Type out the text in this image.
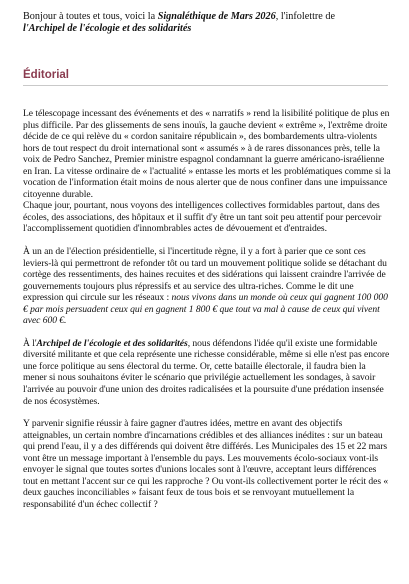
Bonjour à toutes et tous, voici la Signaléthique de Mars 2026, l'infolettre de
l'Archipel de l'écologie et des solidarités
Éditorial

Le télescopage incessant des événements et des « narratifs » rend la lisibilité politique de plus en plus difficile. Par des glissements de sens inouïs, la gauche devient « extrême », l'extrême droite décide de ce qui relève du « cordon sanitaire républicain », des bombardements ultra-violents hors de tout respect du droit international sont « assumés » à de rares dissonances près, telle la voix de Pedro Sanchez, Premier ministre espagnol condamnant la guerre américano-israélienne en Iran. La vitesse ordinaire de « l'actualité » entasse les morts et les problématiques comme si la vocation de l'information était moins de nous alerter que de nous confiner dans une impuissance citoyenne durable.

Chaque jour, pourtant, nous voyons des intelligences collectives formidables partout, dans des écoles, des associations, des hôpitaux et il suffit d'y être un tant soit peu attentif pour percevoir l'accomplissement quotidien d'innombrables actes de dévouement et d'entraides.

À un an de l'élection présidentielle, si l'incertitude règne, il y a fort à parier que ce sont ces leviers-là qui permettront de refonder tôt ou tard un mouvement politique solide se détachant du cortège des ressentiments, des haines recuites et des sidérations qui laissent craindre l'arrivée de gouvernements toujours plus répressifs et au service des ultra-riches. Comme le dit une expression qui circule sur les réseaux : nous vivons dans un monde où ceux qui gagnent 100 000 € par mois persuadent ceux qui en gagnent 1 800 € que tout va mal à cause de ceux qui vivent avec 600 €.

À l'Archipel de l'écologie et des solidarités, nous défendons l'idée qu'il existe une formidable diversité militante et que cela représente une richesse considérable, même si elle n'est pas encore une force politique au sens électoral du terme. Or, cette bataille électorale, il faudra bien la mener si nous souhaitons éviter le scénario que privilégie actuellement les sondages, à savoir l'arrivée au pouvoir d'une union des droites radicalisées et la poursuite d'une prédation insensée de nos écosystèmes.

Y parvenir signifie réussir à faire gagner d'autres idées, mettre en avant des objectifs atteignables, un certain nombre d'incarnations crédibles et des alliances inédites : sur un bateau qui prend l'eau, il y a des différends qui doivent être différés. Les Municipales des 15 et 22 mars vont être un message important à l'ensemble du pays. Les mouvements écolo-sociaux vont-ils envoyer le signal que toutes sortes d'unions locales sont à l'œuvre, acceptant leurs différences tout en mettant l'accent sur ce qui les rapproche ? Ou vont-ils collectivement porter le récit des « deux gauches inconciliables » faisant feux de tous bois et se renvoyant mutuellement la responsabilité d'un échec collectif ?
